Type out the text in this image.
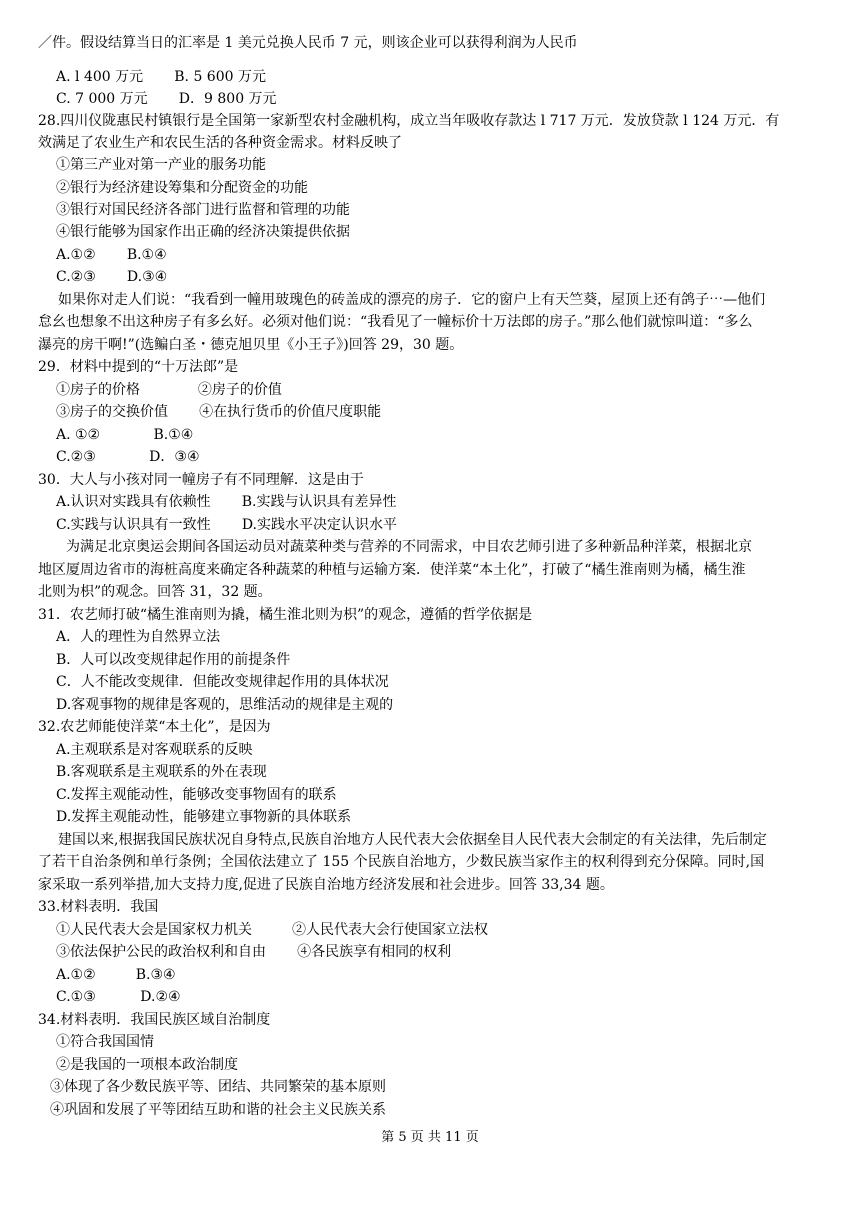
／件。假设结算当日的汇率是 1 美元兑换人民币 7 元，则该企业可以获得利润为人民币
A. l 400 万元       B. 5 600 万元
C. 7 000 万元       D．9 800 万元
28.四川仪陇惠民村镇银行是全国第一家新型农村金融机构，成立当年吸收存款达 l 717 万元．发放贷款 l 124 万元．有
效满足了农业生产和农民生活的各种资金需求。材料反映了
①第三产业对第一产业的服务功能
②银行为经济建设筹集和分配资金的功能
③银行对国民经济各部门进行监督和管理的功能
④银行能够为国家作出正确的经济决策提供依据
A.①②       B.①④
C.②③       D.③④
如果你对走人们说：“我看到一幢用玻瑰色的砖盖成的漂亮的房子．它的窗户上有天竺葵，屋顶上还有鸽子⋯—他们
怠幺也想象不出这种房子有多幺好。必须对他们说：“我看见了一幢标价十万法郎的房子。”那么他们就惊叫道：“多么
瀑亮的房干啊!”(选鳊白圣・德克旭贝里《小王子》)回答 29，30 题。
29．材料中提到的“十万法郎”是
①房子的价格             ②房子的价值
③房子的交换价值       ④在执行货币的价值尺度职能
A. ①②            B.①④
C.②③            D．③④
30．大人与小孩对同一幢房子有不同理解．这是由于
A.认识对实践具有依赖性       B.实践与认识具有差异性
C.实践与认识具有一致性       D.实践水平决定认识水平
为满足北京奥运会期间各国运动员对蔬菜种类与营养的不同需求，中目农艺师引进了多种新品种洋菜，根据北京
地区厦周边省市的海桩高度来确定各种蔬菜的种植与运输方案．使洋菜“本土化”，打破了“橘生淮南则为橘，橘生淮
北则为枳”的观念。回答 31，32 题。
31．农艺师打破“橘生淮南则为撬，橘生淮北则为枳”的观念，遵循的哲学依据是
A．人的理性为自然界立法
B．人可以改变规律起作用的前提条件
C．人不能改变规律．但能改变规律起作用的具体状况
D.客观事物的规律是客观的，思维活动的规律是主观的
32.农艺师能使洋菜“本土化”，是因为
A.主观联系是对客观联系的反映
B.客观联系是主观联系的外在表现
C.发挥主观能动性，能够改变事物固有的联系
D.发挥主观能动性，能够建立事物新的具体联系
建国以来,根据我国民族状况自身特点,民族自治地方人民代表大会依据垒目人民代表大会制定的有关法律，先后制定
了若干自治条例和单行条例；全国依法建立了 155 个民族自治地方，少数民族当家作主的权利得到充分保障。同时,国
家采取一系列举措,加大支持力度,促进了民族自治地方经济发展和社会进步。回答 33,34 题。
33.材料表明．我国
①人民代表大会是国家权力机关         ②人民代表大会行使国家立法权
③依法保护公民的政治权利和自由       ④各民族享有相同的权利
A.①②         B.③④
C.①③          D.②④
34.材料表明．我国民族区域自治制度
①符合我国国情
②是我国的一项根本政治制度
③体现了各少数民族平等、团结、共同繁荣的基本原则
④巩固和发展了平等团结互助和谐的社会主义民族关系
第 5 页 共 11 页
